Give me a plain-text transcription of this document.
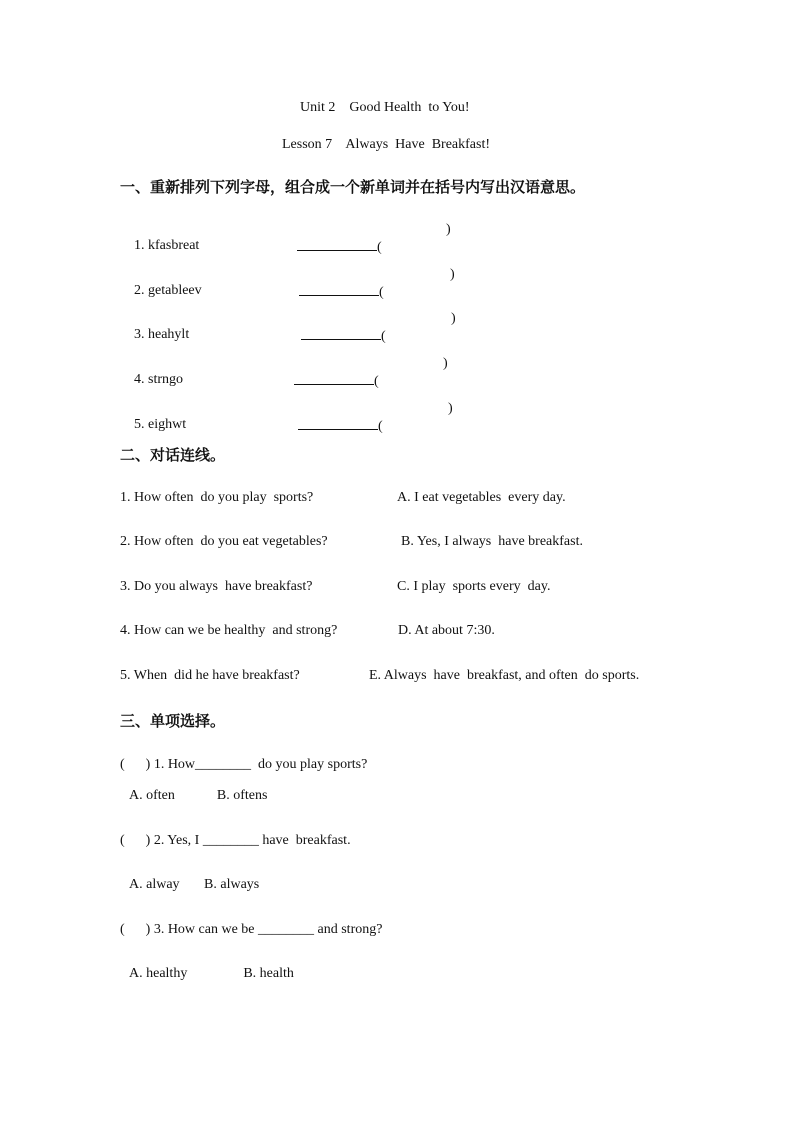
Unit 2    Good Health  to You!
Lesson 7    Always  Have  Breakfast!
一、重新排列下列字母，组合成一个新单词并在括号内写出汉语意思。

1. kfasbreat
	(

)

2. getableev
	(

)

3. heahylt
	(

)

4. strngo
	(

)

5. eighwt
	(

)
二、对话连线。
1. How often  do you play  sports?	A. I eat vegetables  every day.
2. How often  do you eat vegetables?	B. Yes, I always  have breakfast.
3. Do you always  have breakfast?	C. I play  sports every  day.
4. How can we be healthy  and strong?	D. At about 7:30.
5. When  did he have breakfast?	E. Always  have  breakfast, and often  do sports.
三、单项选择。
(      ) 1. How________  do you play sports?
A. often            B. oftens
(      ) 2. Yes, I ________ have  breakfast.
A. alway       B. always
(      ) 3. How can we be ________ and strong?
A. healthy                B. health
